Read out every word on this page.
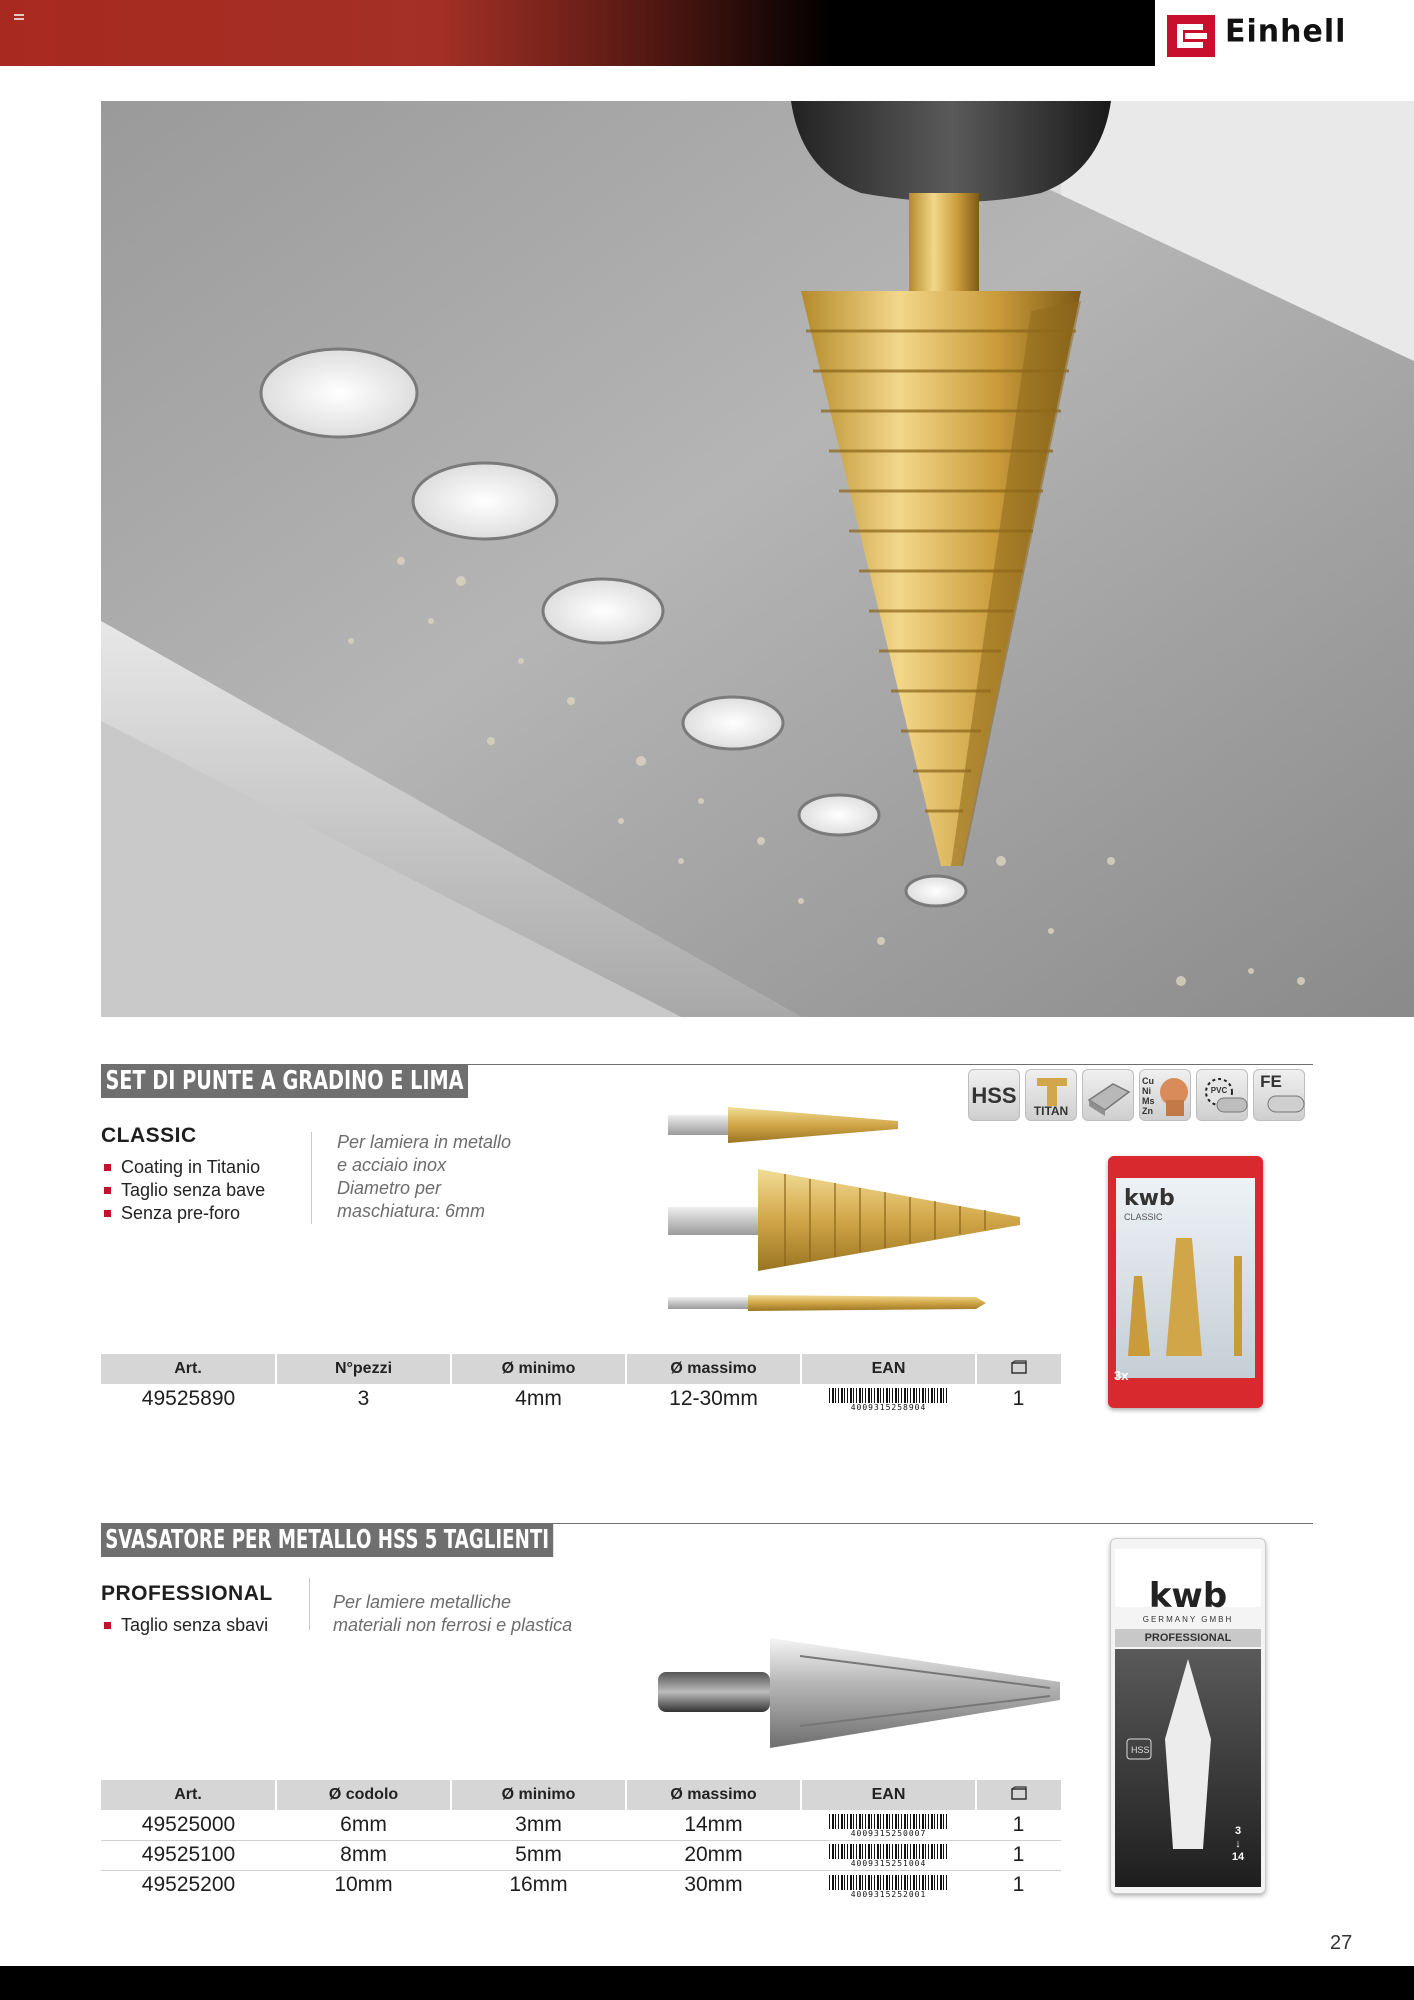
Einhell
SET DI PUNTE A GRADINO E LIMA
CLASSIC
Coating in Titanio
Taglio senza bave
Senza pre-foro
Per lamiera in metallo
e acciaio inox
Diametro per
maschiatura: 6mm
HSS
TITAN
Cu Ni Ms Zn
PVC	FE
Art.	N°pezzi	Ø minimo	Ø massimo	EAN	
49525890	3	4mm	12-30mm	4009315258904	1
kwb
CLASSIC
3x
SVASATORE PER METALLO HSS 5 TAGLIENTI
PROFESSIONAL
Taglio senza sbavi
Per lamiere metalliche
materiali non ferrosi e plastica
Art.	Ø codolo	Ø minimo	Ø massimo	EAN	
49525000	6mm	3mm	14mm	4009315250007	1
49525100	8mm	5mm	20mm	4009315251004	1
49525200	10mm	16mm	30mm	4009315252001	1
kwb
GERMANY GMBH
PROFESSIONAL
HSS
3
↓
14
27
